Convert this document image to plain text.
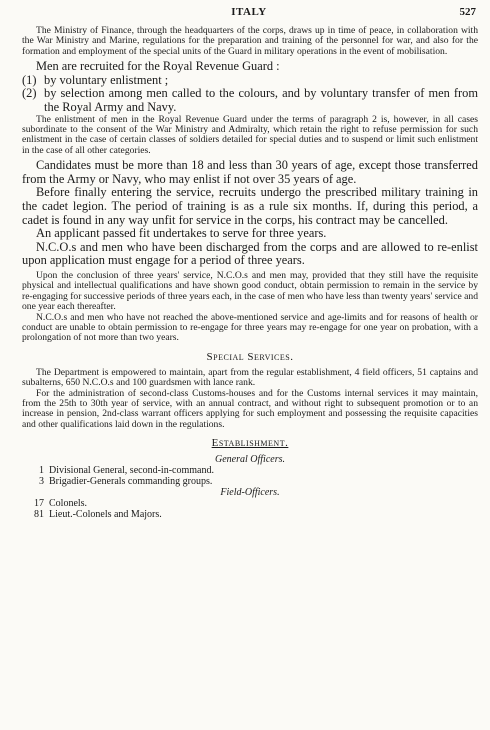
ITALY	527

The Ministry of Finance, through the headquarters of the corps, draws up in time of peace, in collaboration with the War Ministry and Marine, regulations for the preparation and training of the personnel for war, and also for the formation and employment of the special units of the Guard in military operations in the event of mobilisation.

Men are recruited for the Royal Revenue Guard :

(1) by voluntary enlistment ;
(2) by selection among men called to the colours, and by voluntary transfer of men from the Royal Army and Navy.

The enlistment of men in the Royal Revenue Guard under the terms of paragraph 2 is, however, in all cases subordinate to the consent of the War Ministry and Admiralty, which retain the right to refuse permission for such enlistment in the case of certain classes of soldiers detailed for special duties and to suspend or limit such enlistment in the case of all other categories.

Candidates must be more than 18 and less than 30 years of age, except those transferred from the Army or Navy, who may enlist if not over 35 years of age.

Before finally entering the service, recruits undergo the prescribed military training in the cadet legion. The period of training is as a rule six months. If, during this period, a cadet is found in any way unfit for service in the corps, his contract may be cancelled.

An applicant passed fit undertakes to serve for three years.

N.C.O.s and men who have been discharged from the corps and are allowed to re-enlist upon application must engage for a period of three years.

Upon the conclusion of three years' service, N.C.O.s and men may, provided that they still have the requisite physical and intellectual qualifications and have shown good conduct, obtain permission to remain in the service by re-engaging for successive periods of three years each, in the case of men who have less than twenty years' service and one year each thereafter.

N.C.O.s and men who have not reached the above-mentioned service and age-limits and for reasons of health or conduct are unable to obtain permission to re-engage for three years may re-engage for one year on probation, with a prolongation of not more than two years.

Special Services.

The Department is empowered to maintain, apart from the regular establishment, 4 field officers, 51 captains and subalterns, 650 N.C.O.s and 100 guardsmen with lance rank.

For the administration of second-class Customs-houses and for the Customs internal services it may maintain, from the 25th to 30th year of service, with an annual contract, and without right to subsequent promotion or to an increase in pension, 2nd-class warrant officers applying for such employment and possessing the requisite capacities and other qualifications laid down in the regulations.

Establishment.
General Officers.
1 Divisional General, second-in-command.
3 Brigadier-Generals commanding groups.
Field-Officers.
17 Colonels.
81 Lieut.-Colonels and Majors.
